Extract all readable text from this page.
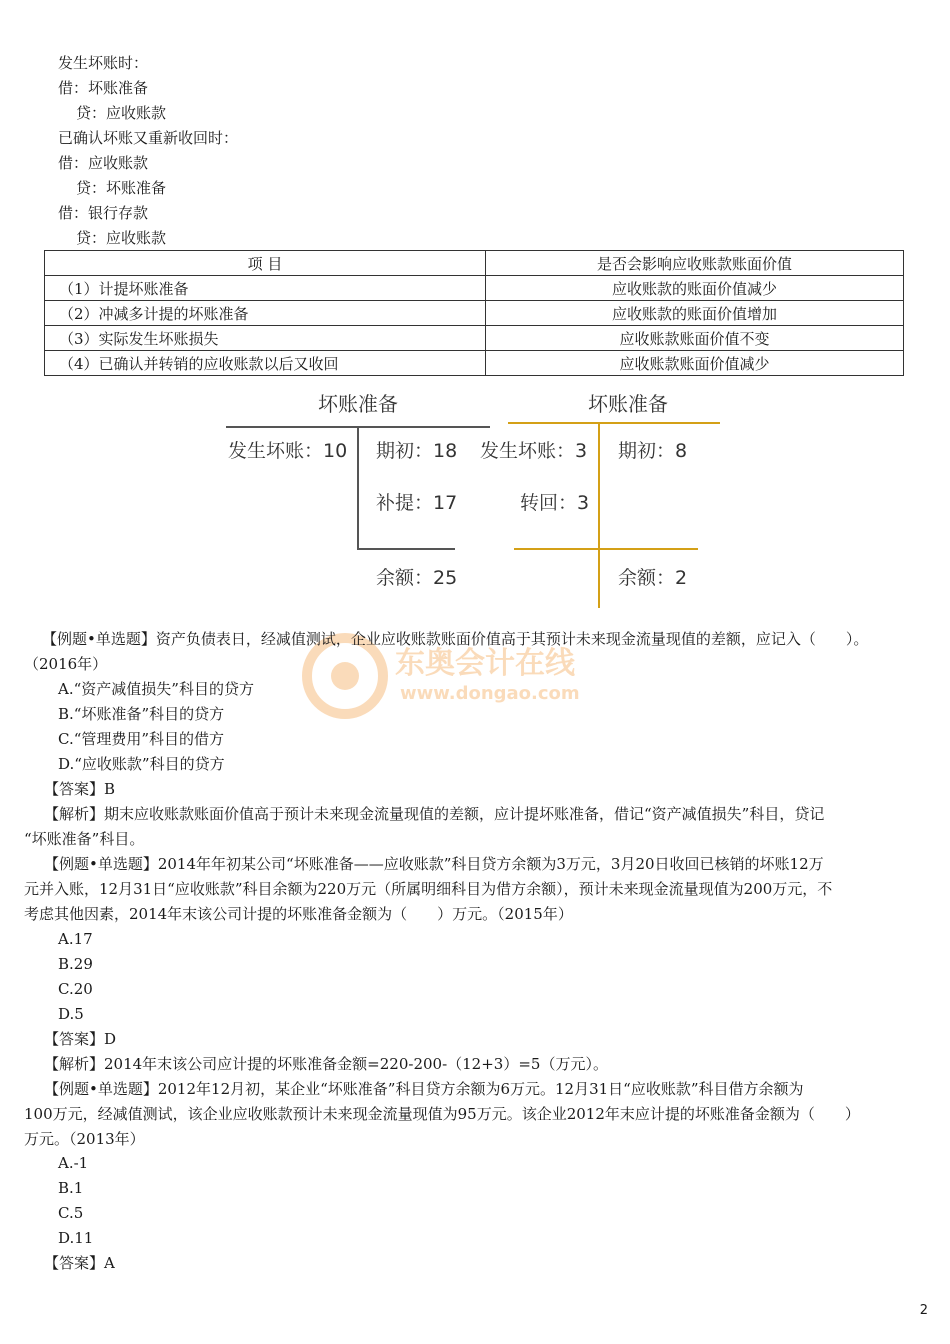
发生坏账时：
借：坏账准备
贷：应收账款
已确认坏账又重新收回时：
借：应收账款
贷：坏账准备
借：银行存款
贷：应收账款
项 目	是否会影响应收账款账面价值
（1）计提坏账准备	应收账款的账面价值减少
（2）冲减多计提的坏账准备	应收账款的账面价值增加
（3）实际发生坏账损失	应收账款账面价值不变
（4）已确认并转销的应收账款以后又收回	应收账款账面价值减少
坏账准备
发生坏账：10 期初：18
补提：17
余额：25
坏账准备
发生坏账：3
转回：3
期初：8
余额：2
东奥会计在线
www.dongao.com
【例题•单选题】资产负债表日，经减值测试，企业应收账款账面价值高于其预计未来现金流量现值的差额，应记入（　　）。
（2016年）
A.“资产减值损失”科目的贷方
B.“坏账准备”科目的贷方
C.“管理费用”科目的借方
D.“应收账款”科目的贷方
【答案】B
【解析】期末应收账款账面价值高于预计未来现金流量现值的差额，应计提坏账准备，借记“资产减值损失”科目，贷记
“坏账准备”科目。
【例题•单选题】2014年年初某公司“坏账准备——应收账款”科目贷方余额为3万元，3月20日收回已核销的坏账12万
元并入账，12月31日“应收账款”科目余额为220万元（所属明细科目为借方余额），预计未来现金流量现值为200万元，不
考虑其他因素，2014年末该公司计提的坏账准备金额为（　　）万元。（2015年）
A.17
B.29
C.20
D.5
【答案】D
【解析】2014年末该公司应计提的坏账准备金额=220-200-（12+3）=5（万元）。
【例题•单选题】2012年12月初，某企业“坏账准备”科目贷方余额为6万元。12月31日“应收账款”科目借方余额为
100万元，经减值测试，该企业应收账款预计未来现金流量现值为95万元。该企业2012年末应计提的坏账准备金额为（　　）
万元。（2013年）
A.-1
B.1
C.5
D.11
【答案】A
2
